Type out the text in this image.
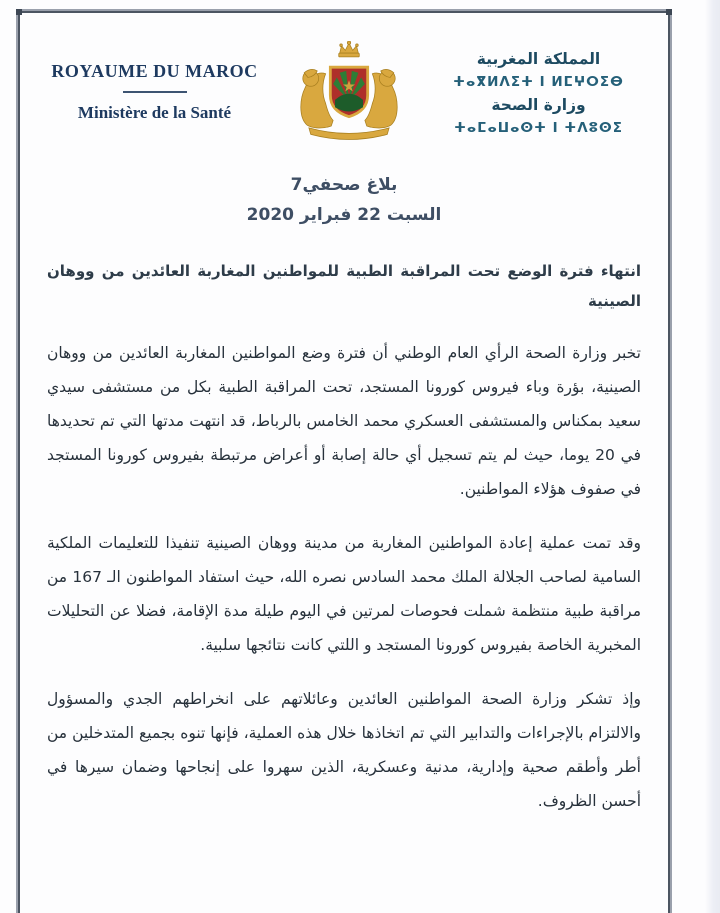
ROYAUME DU MAROC
Ministère de la Santé
المملكة المغربية
ⵜⴰⴳⵍⴷⵉⵜ ⵏ ⵍⵎⵖⵔⵉⴱ
وزارة الصحة
ⵜⴰⵎⴰⵡⴰⵙⵜ ⵏ ⵜⴷⵓⵙⵉ
بلاغ صحفي7
السبت 22 فبراير 2020
انتهاء فترة الوضع تحت المراقبة الطبية للمواطنين المغاربة العائدين من ووهان الصينية

تخبر وزارة الصحة الرأي العام الوطني أن فترة وضع المواطنين المغاربة العائدين من ووهان الصينية، بؤرة وباء فيروس كورونا المستجد، تحت المراقبة الطبية بكل من مستشفى سيدي سعيد بمكناس والمستشفى العسكري محمد الخامس بالرباط، قد انتهت مدتها التي تم تحديدها في 20 يوما، حيث لم يتم تسجيل أي حالة إصابة أو أعراض مرتبطة بفيروس كورونا المستجد في صفوف هؤلاء المواطنين.

وقد تمت عملية إعادة المواطنين المغاربة من مدينة ووهان الصينية تنفيذا للتعليمات الملكية السامية لصاحب الجلالة الملك محمد السادس نصره الله، حيث استفاد المواطنون الـ 167 من مراقبة طبية منتظمة شملت فحوصات لمرتين في اليوم طيلة مدة الإقامة، فضلا عن التحليلات المخبرية الخاصة بفيروس كورونا المستجد و اللتي كانت نتائجها سلبية.

وإذ تشكر وزارة الصحة المواطنين العائدين وعائلاتهم على انخراطهم الجدي والمسؤول والالتزام بالإجراءات والتدابير التي تم اتخاذها خلال هذه العملية، فإنها تنوه بجميع المتدخلين من أطر وأطقم صحية وإدارية، مدنية وعسكرية، الذين سهروا على إنجاحها وضمان سيرها في أحسن الظروف.
